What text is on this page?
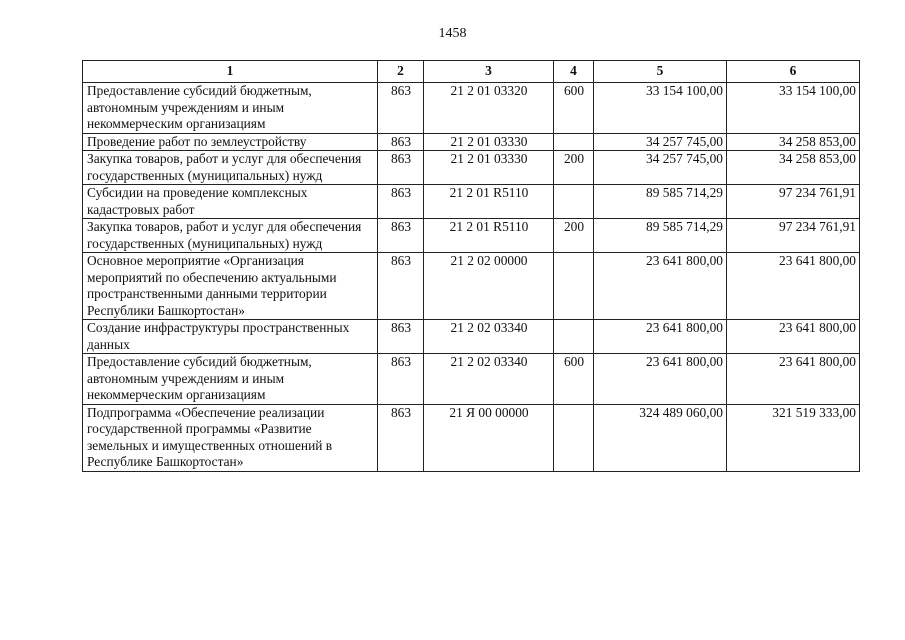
1458
1	2	3	4	5	6
Предоставление субсидий бюджетным, автономным учреждениям и иным некоммерческим организациям	863	21 2 01 03320	600	33 154 100,00	33 154 100,00
Проведение работ по землеустройству	863	21 2 01 03330		34 257 745,00	34 258 853,00
Закупка товаров, работ и услуг для обеспечения государственных (муниципальных) нужд	863	21 2 01 03330	200	34 257 745,00	34 258 853,00
Субсидии на проведение комплексных кадастровых работ	863	21 2 01 R5110		89 585 714,29	97 234 761,91
Закупка товаров, работ и услуг для обеспечения государственных (муниципальных) нужд	863	21 2 01 R5110	200	89 585 714,29	97 234 761,91
Основное мероприятие «Организация мероприятий по обеспечению актуальными пространственными данными территории Республики Башкортостан»	863	21 2 02 00000		23 641 800,00	23 641 800,00
Создание инфраструктуры пространственных данных	863	21 2 02 03340		23 641 800,00	23 641 800,00
Предоставление субсидий бюджетным, автономным учреждениям и иным некоммерческим организациям	863	21 2 02 03340	600	23 641 800,00	23 641 800,00
Подпрограмма «Обеспечение реализации государственной программы «Развитие земельных и имущественных отношений в Республике Башкортостан»	863	21 Я 00 00000		324 489 060,00	321 519 333,00
